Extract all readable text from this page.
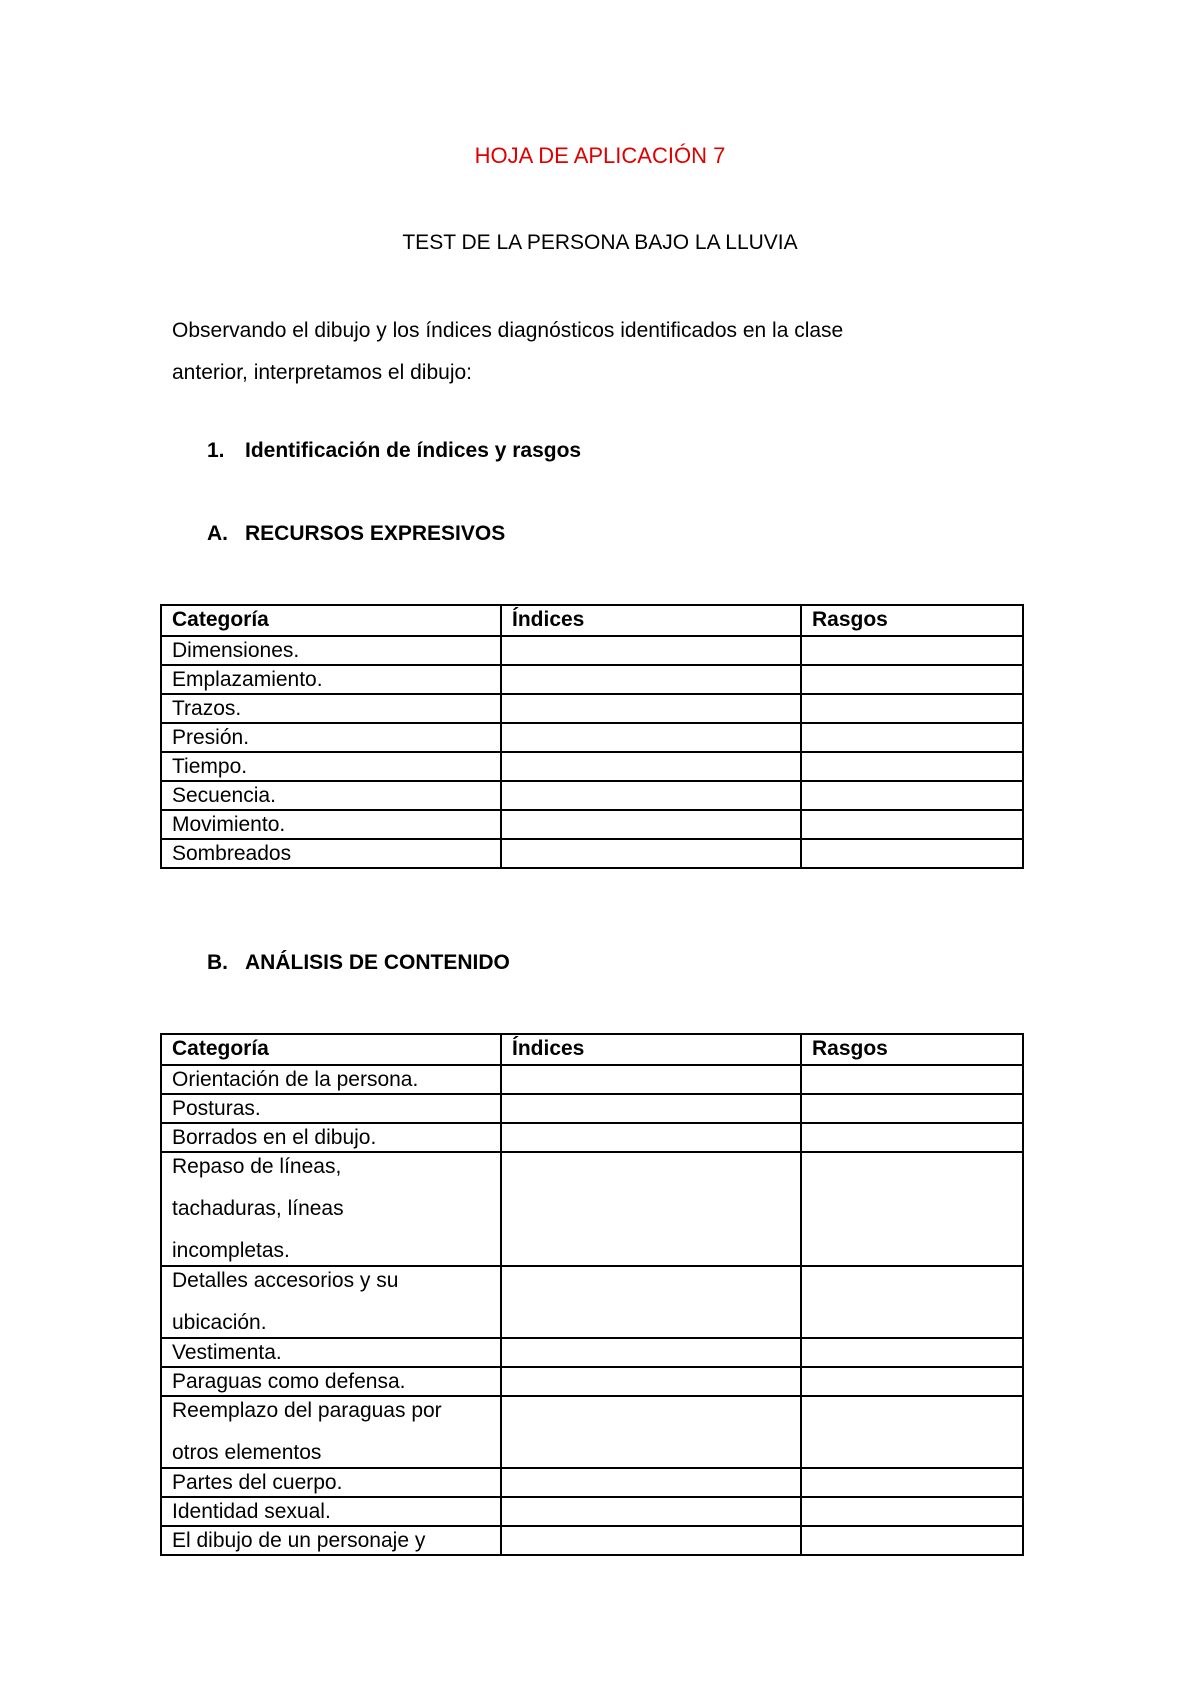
HOJA DE APLICACIÓN 7
TEST DE LA PERSONA BAJO LA LLUVIA
Observando el dibujo y los índices diagnósticos identificados en la clase
anterior, interpretamos el dibujo:
1. Identificación de índices y rasgos
A. RECURSOS EXPRESIVOS
Categoría	Índices	Rasgos
Dimensiones.		
Emplazamiento.		
Trazos.		
Presión.		
Tiempo.		
Secuencia.		
Movimiento.		
Sombreados		
B. ANÁLISIS DE CONTENIDO
Categoría	Índices	Rasgos
Orientación de la persona.		
Posturas.		
Borrados en el dibujo.		

Repaso de líneas,
tachaduras, líneas
incompletas.		

Detalles accesorios y su
ubicación.		

Vestimenta.		
Paraguas como defensa.		

Reemplazo del paraguas por
otros elementos		

Partes del cuerpo.		
Identidad sexual.		
El dibujo de un personaje y		
